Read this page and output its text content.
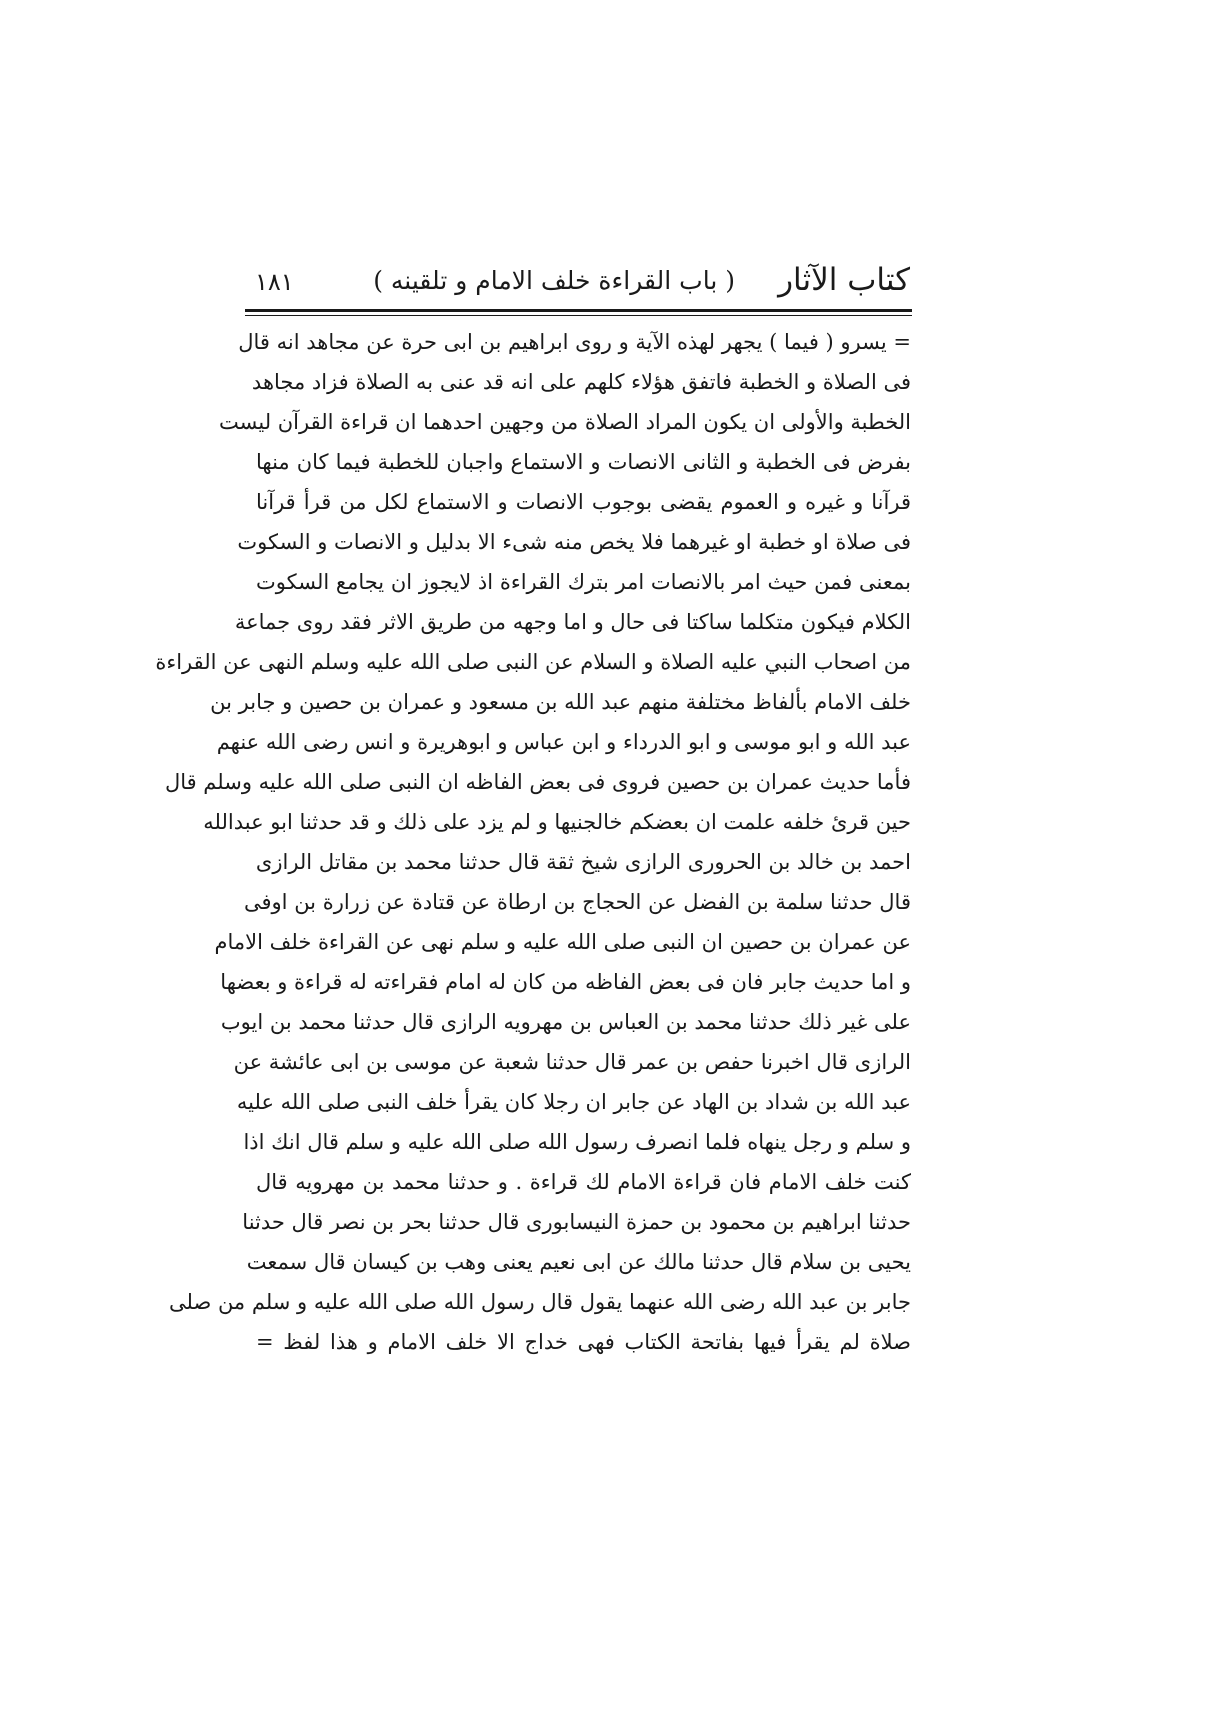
كتاب الآثار
( باب القراءة خلف الامام و تلقينه )
۱۸۱
= يسرو ( فيما ) يجهر لهذه الآية و روى ابراهيم بن ابى حرة عن مجاهد انه قال
فى الصلاة و الخطبة فاتفق هؤلاء كلهم على انه قد عنى به الصلاة فزاد مجاهد
الخطبة والأولى ان يكون المراد الصلاة من وجهين احدهما ان قراءة القرآن ليست
بفرض فى الخطبة و الثانى الانصات و الاستماع واجبان للخطبة فيما كان منها
قرآنا و غيره و العموم يقضى بوجوب الانصات و الاستماع لكل من قرأ قرآنا
فى صلاة او خطبة او غيرهما فلا يخص منه شىء الا بدليل و الانصات و السكوت
بمعنى فمن حيث امر بالانصات امر بترك القراءة اذ لايجوز ان يجامع السكوت
الكلام فيكون متكلما ساكتا فى حال و اما وجهه من طريق الاثر فقد روى جماعة
من اصحاب النبي عليه الصلاة و السلام عن النبى صلى الله عليه وسلم النهى عن القراءة
خلف الامام بألفاظ مختلفة منهم عبد الله بن مسعود و عمران بن حصين و جابر بن
عبد الله و ابو موسى و ابو الدرداء و ابن عباس و ابوهريرة و انس رضى الله عنهم
فأما حديث عمران بن حصين فروى فى بعض الفاظه ان النبى صلى الله عليه وسلم قال
حين قرئ خلفه علمت ان بعضكم خالجنيها و لم يزد على ذلك و قد حدثنا ابو عبدالله
احمد بن خالد بن الحرورى الرازى شيخ ثقة قال حدثنا محمد بن مقاتل الرازى
قال حدثنا سلمة بن الفضل عن الحجاج بن ارطاة عن قتادة عن زرارة بن اوفى
عن عمران بن حصين ان النبى صلى الله عليه و سلم نهى عن القراءة خلف الامام
و اما حديث جابر فان فى بعض الفاظه من كان له امام فقراءته له قراءة و بعضها
على غير ذلك حدثنا محمد بن العباس بن مهرويه الرازى قال حدثنا محمد بن ايوب
الرازى قال اخبرنا حفص بن عمر قال حدثنا شعبة عن موسى بن ابى عائشة عن
عبد الله بن شداد بن الهاد عن جابر ان رجلا كان يقرأ خلف النبى صلى الله عليه
و سلم و رجل ينهاه فلما انصرف رسول الله صلى الله عليه و سلم قال انك اذا
كنت خلف الامام فان قراءة الامام لك قراءة . و حدثنا محمد بن مهرويه قال
حدثنا ابراهيم بن محمود بن حمزة النيسابورى قال حدثنا بحر بن نصر قال حدثنا
يحيى بن سلام قال حدثنا مالك عن ابى نعيم يعنى وهب بن كيسان قال سمعت
جابر بن عبد الله رضى الله عنهما يقول قال رسول الله صلى الله عليه و سلم من صلى
صلاة لم يقرأ فيها بفاتحة الكتاب فهى خداج الا خلف الامام و هذا لفظ =
